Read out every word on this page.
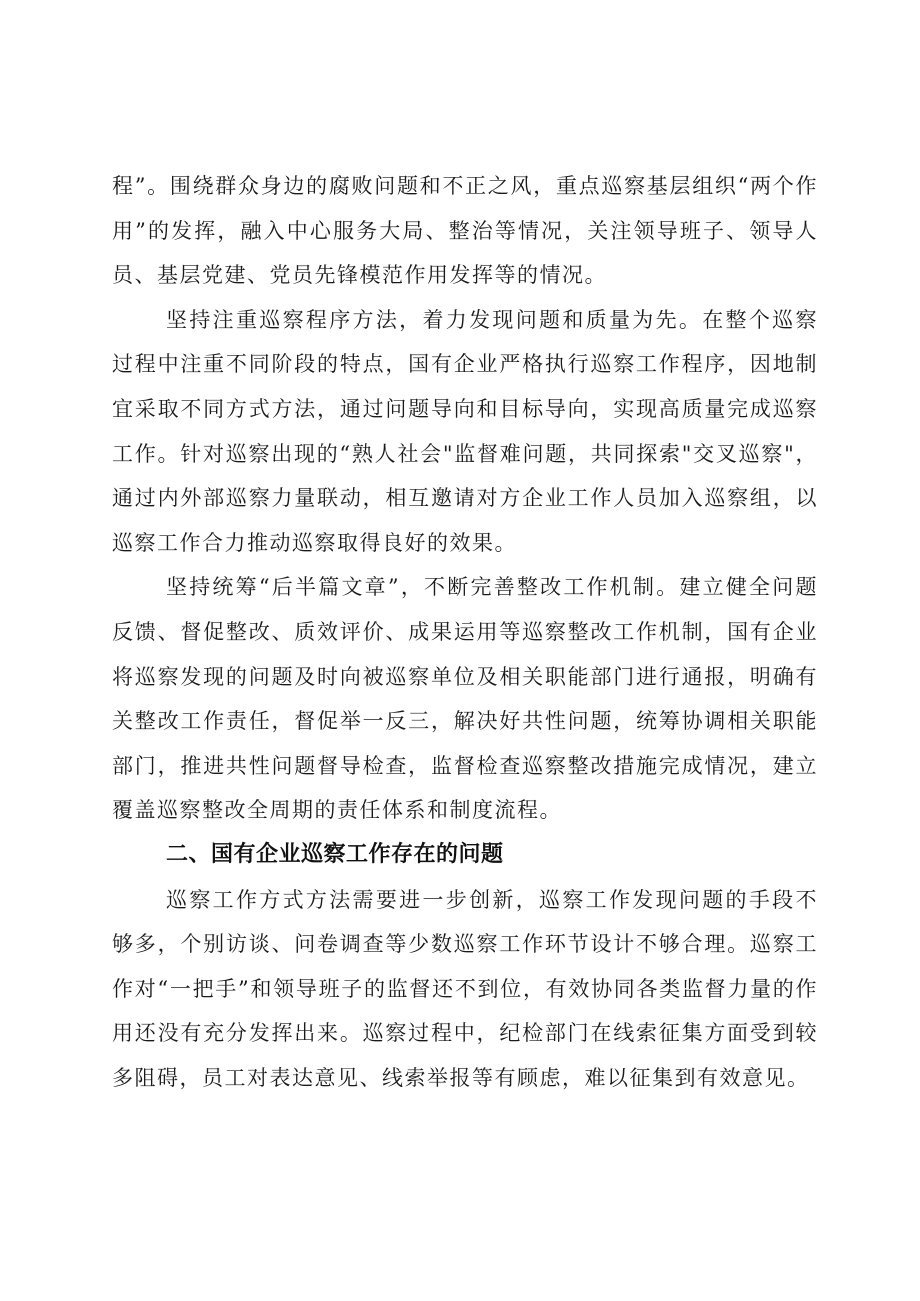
程”。围绕群众身边的腐败问题和不正之风，重点巡察基层组织“两个作用”的发挥，融入中心服务大局、整治等情况，关注领导班子、领导人员、基层党建、党员先锋模范作用发挥等的情况。

坚持注重巡察程序方法，着力发现问题和质量为先。在整个巡察过程中注重不同阶段的特点，国有企业严格执行巡察工作程序，因地制宜采取不同方式方法，通过问题导向和目标导向，实现高质量完成巡察工作。针对巡察出现的“熟人社会"监督难问题，共同探索"交叉巡察"，通过内外部巡察力量联动，相互邀请对方企业工作人员加入巡察组，以巡察工作合力推动巡察取得良好的效果。

坚持统筹“后半篇文章”，不断完善整改工作机制。建立健全问题反馈、督促整改、质效评价、成果运用等巡察整改工作机制，国有企业将巡察发现的问题及时向被巡察单位及相关职能部门进行通报，明确有关整改工作责任，督促举一反三，解决好共性问题，统筹协调相关职能部门，推进共性问题督导检查，监督检查巡察整改措施完成情况，建立覆盖巡察整改全周期的责任体系和制度流程。

二、国有企业巡察工作存在的问题

巡察工作方式方法需要进一步创新，巡察工作发现问题的手段不够多，个别访谈、问卷调查等少数巡察工作环节设计不够合理。巡察工作对“一把手”和领导班子的监督还不到位，有效协同各类监督力量的作用还没有充分发挥出来。巡察过程中，纪检部门在线索征集方面受到较多阻碍，员工对表达意见、线索举报等有顾虑，难以征集到有效意见。
